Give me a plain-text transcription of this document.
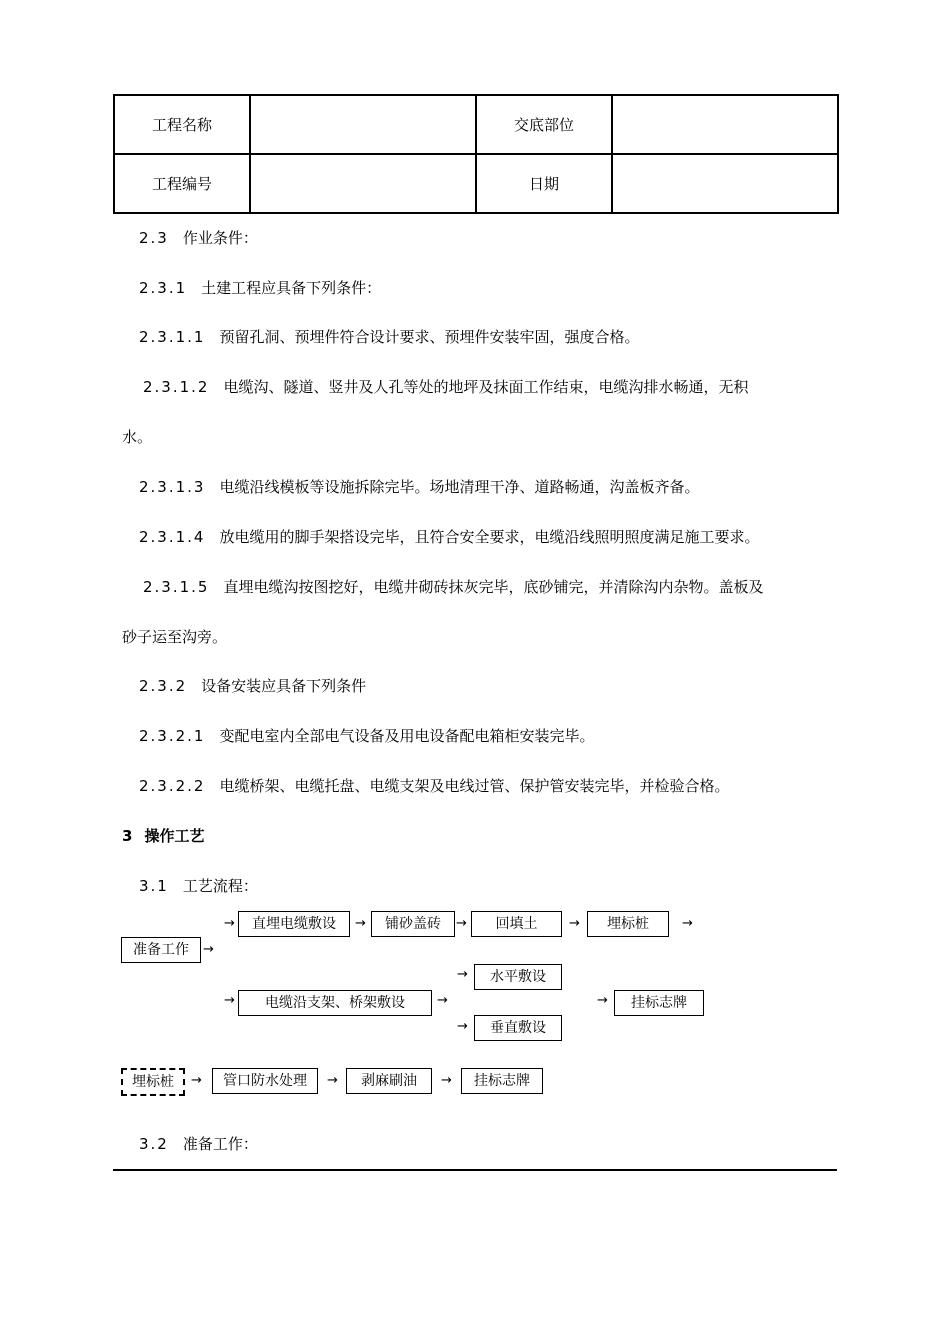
工程名称		交底部位	
工程编号		日期	
2.3 作业条件：
2.3.1 土建工程应具备下列条件：
2.3.1.1 预留孔洞、预埋件符合设计要求、预埋件安装牢固，强度合格。
2.3.1.2 电缆沟、隧道、竖井及人孔等处的地坪及抹面工作结束，电缆沟排水畅通，无积
水。
2.3.1.3 电缆沿线模板等设施拆除完毕。场地清理干净、道路畅通，沟盖板齐备。
2.3.1.4 放电缆用的脚手架搭设完毕，且符合安全要求，电缆沿线照明照度满足施工要求。
2.3.1.5 直埋电缆沟按图挖好，电缆井砌砖抹灰完毕，底砂铺完，并清除沟内杂物。盖板及
砂子运至沟旁。
2.3.2 设备安装应具备下列条件
2.3.2.1 变配电室内全部电气设备及用电设备配电箱柜安装完毕。
2.3.2.2 电缆桥架、电缆托盘、电缆支架及电线过管、保护管安装完毕，并检验合格。
3 操作工艺
3.1 工艺流程：
→	直埋电缆敷设	→	铺砂盖砖	→	回填土	→	埋标桩	→
准备工作	→
→	水平敷设
→	电缆沿支架、桥架敷设	→	→	挂标志牌
→	垂直敷设
埋标桩	→	管口防水处理	→	剥麻刷油	→	挂标志牌
3.2 准备工作：
